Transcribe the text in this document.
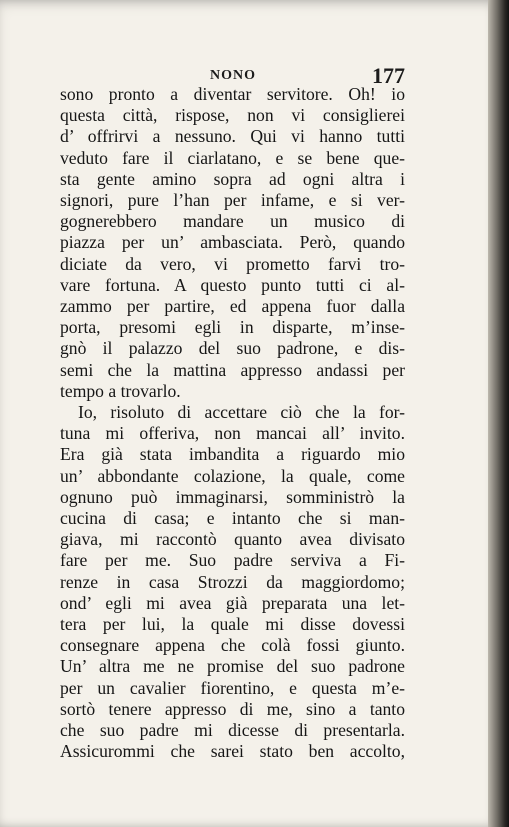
NONO	177
sono pronto a diventar servitore. Oh! io
questa città, rispose, non vi consiglierei
d’ offrirvi a nessuno. Qui vi hanno tutti
veduto fare il ciarlatano, e se bene que-
sta gente amino sopra ad ogni altra i
signori, pure l’han per infame, e si ver-
gognerebbero mandare un musico di
piazza per un’ ambasciata. Però, quando
diciate da vero, vi prometto farvi tro-
vare fortuna. A questo punto tutti ci al-
zammo per partire, ed appena fuor dalla
porta, presomi egli in disparte, m’inse-
gnò il palazzo del suo padrone, e dis-
semi che la mattina appresso andassi per
tempo a trovarlo.
Io, risoluto di accettare ciò che la for-
tuna mi offeriva, non mancai all’ invito.
Era già stata imbandita a riguardo mio
un’ abbondante colazione, la quale, come
ognuno può immaginarsi, somministrò la
cucina di casa; e intanto che si man-
giava, mi raccontò quanto avea divisato
fare per me. Suo padre serviva a Fi-
renze in casa Strozzi da maggiordomo;
ond’ egli mi avea già preparata una let-
tera per lui, la quale mi disse dovessi
consegnare appena che colà fossi giunto.
Un’ altra me ne promise del suo padrone
per un cavalier fiorentino, e questa m’e-
sortò tenere appresso di me, sino a tanto
che suo padre mi dicesse di presentarla.
Assicurommi che sarei stato ben accolto,
